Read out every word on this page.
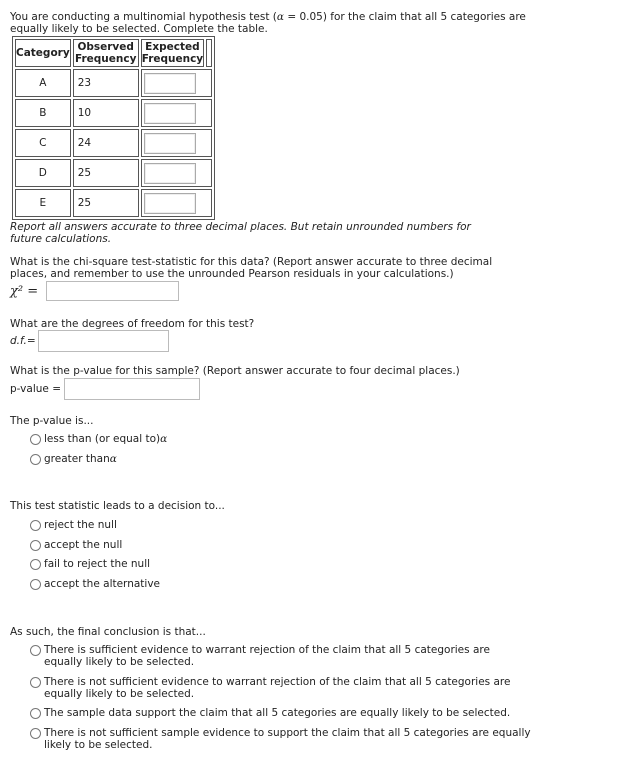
You are conducting a multinomial hypothesis test (α = 0.05) for the claim that all 5 categories are equally likely to be selected. Complete the table.
Category	Observed Frequency	Expected Frequency	
A	23		

B	10		

C	24		

D	25		

E	25		
Report all answers accurate to three decimal places. But retain unrounded numbers for future calculations.
What is the chi-square test-statistic for this data? (Report answer accurate to three decimal places, and remember to use the unrounded Pearson residuals in your calculations.)
χ² =
What are the degrees of freedom for this test?
d.f.=
What is the p-value for this sample? (Report answer accurate to four decimal places.)
p-value =
The p-value is...
less than (or equal to) α
greater than α
This test statistic leads to a decision to...
reject the null
accept the null
fail to reject the null
accept the alternative
As such, the final conclusion is that...
There is sufficient evidence to warrant rejection of the claim that all 5 categories are equally likely to be selected.
There is not sufficient evidence to warrant rejection of the claim that all 5 categories are equally likely to be selected.
The sample data support the claim that all 5 categories are equally likely to be selected.
There is not sufficient sample evidence to support the claim that all 5 categories are equally likely to be selected.
